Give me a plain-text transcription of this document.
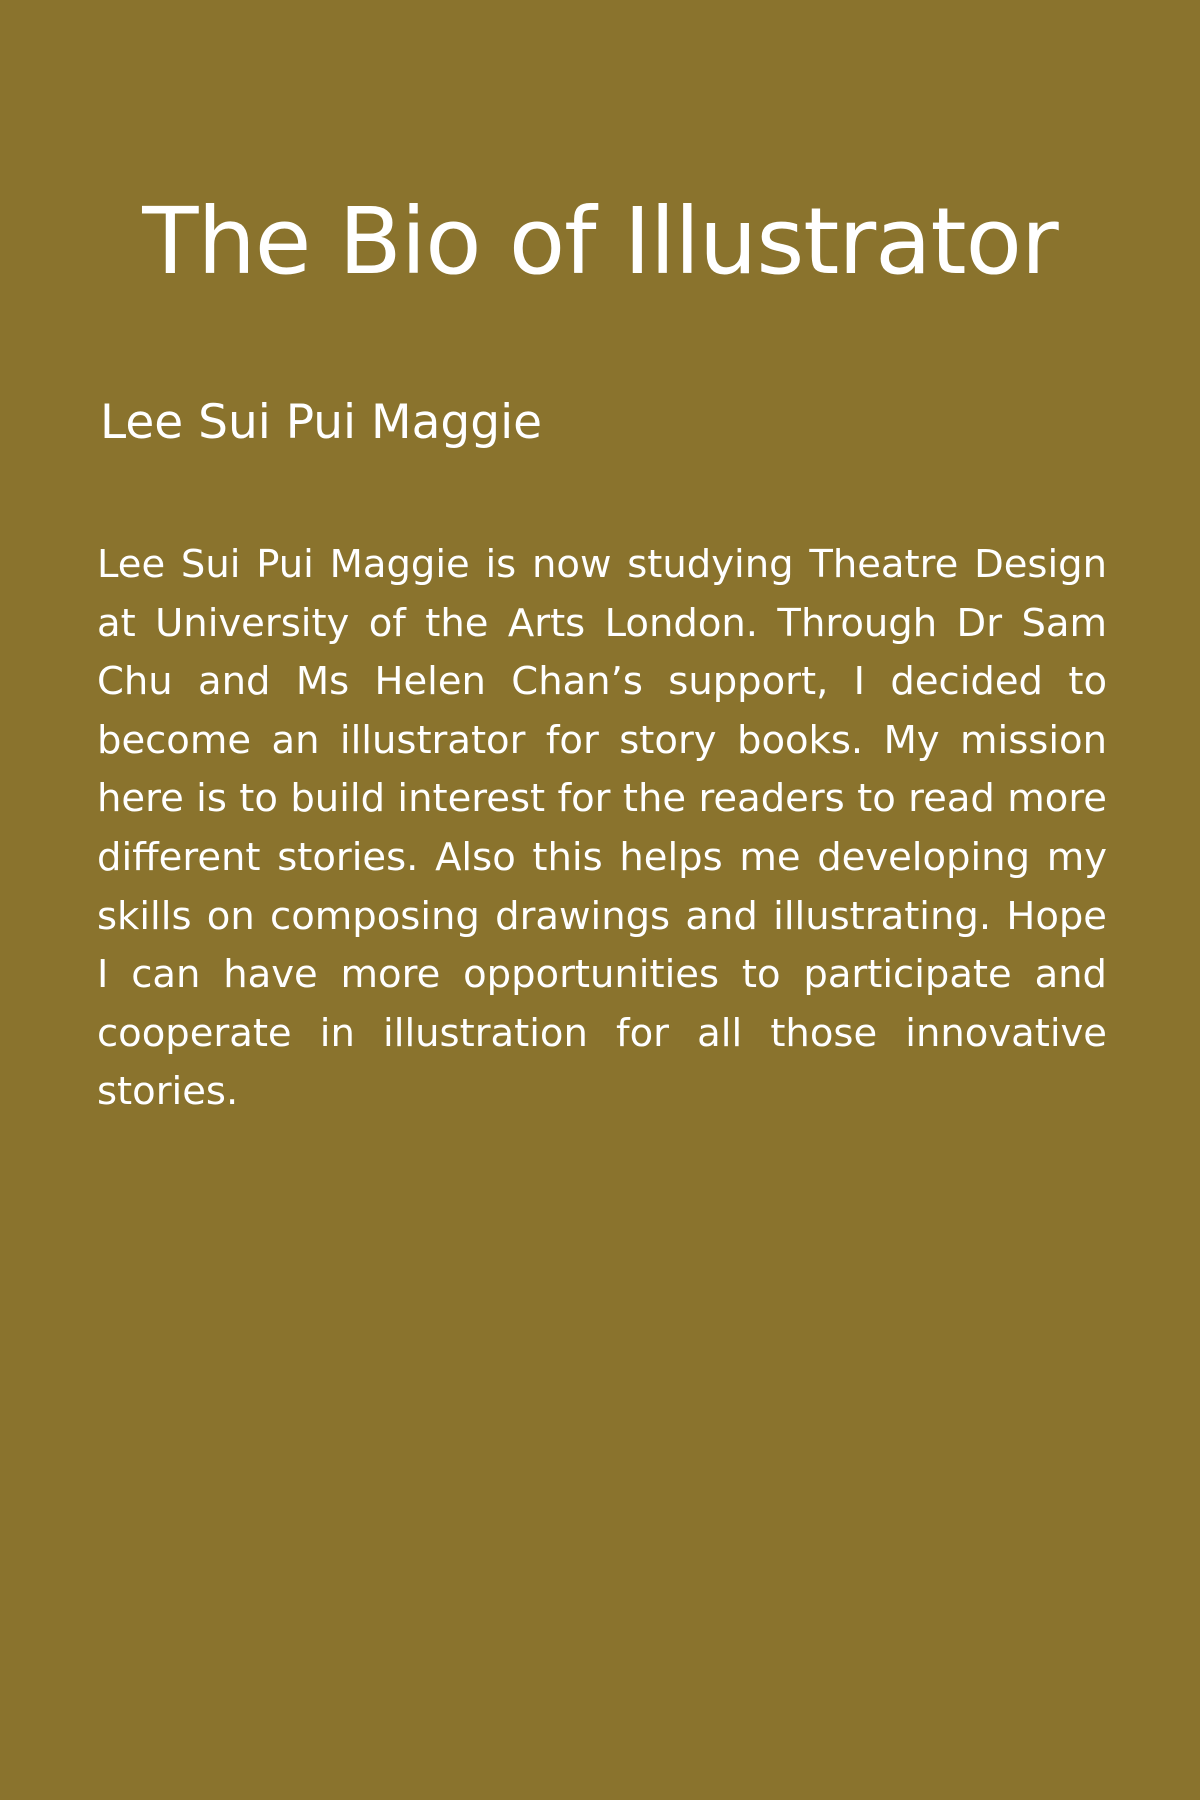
The Bio of Illustrator
Lee Sui Pui Maggie

Lee Sui Pui Maggie is now studying Theatre Design at University of the Arts London. Through Dr Sam Chu and Ms Helen Chan’s support, I decided to become an illustrator for story books. My mission here is to build interest for the readers to read more different stories. Also this helps me developing my skills on composing drawings and illustrating. Hope I can have more opportunities to participate and cooperate in illustration for all those innovative stories.
